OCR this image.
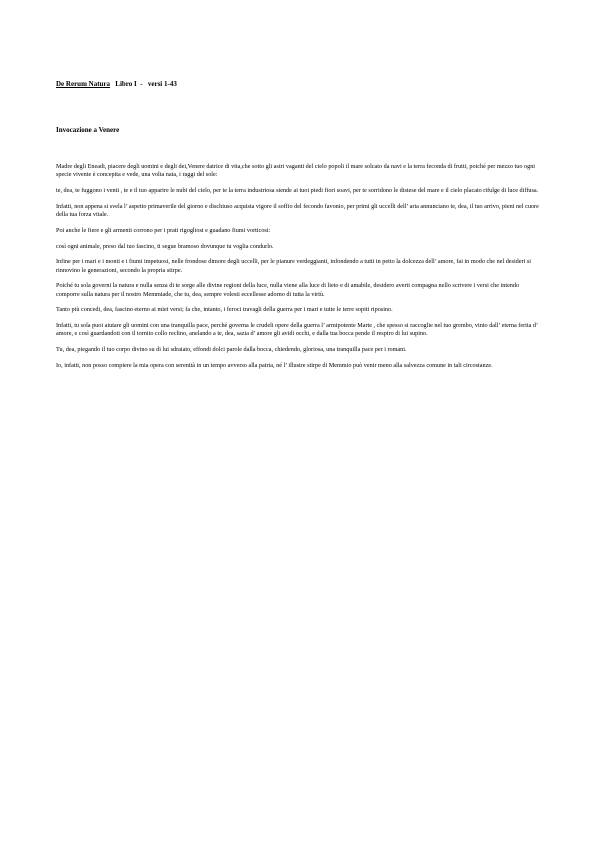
De Rerum Natura Libro I - versi 1-43
Invocazione a Venere

Madre degli Eneadi, piacere degli uomini e degli dei,Venere datrice di vita,che sotto gli astri vaganti del cielo popoli il mare solcato da navi e la terra feconda di frutti, poiché per mezzo tuo ogni specie vivente è concepita e vede, una volta nata, i raggi del sole:

te, dea, te fuggono i venti , te e il tuo apparire le nubi del cielo, per te la terra industriosa stende ai tuoi piedi fiori soavi, per te sorridono le distese del mare e il cielo placato rifulge di luce diffusa.

Infatti, non appena si svela l’ aspetto primaverile del giorno e dischiuso acquista vigore il soffio del fecondo favonio, per primi gli uccelli dell’ aria annunciano te, dea, il tuo arrivo, pieni nel cuore della tua forza vitale.

Poi anche le fiere e gli armenti corrono per i prati rigogliosi e guadano fiumi vorticosi:

così ogni animale, preso dal tuo fascino, ti segue bramoso dovunque tu voglia condurlo.

Infine per i mari e i monti e i fiumi impetuosi, nelle frondose dimore degli uccelli, per le pianure verdeggianti, infondendo a tutti in petto la dolcezza dell’ amore, fai in modo che nel desideri si rinnovino le generazioni, secondo la propria stirpe.

Poiché tu sola governi la natura e nulla senza di te sorge alle divine regioni della luce, nulla viene alla luce di lieto e di amabile, desidero averti compagna nello scrivere i versi che intendo comporre sulla natura per il nostro Memmiade, che tu, dea, sempre volesti eccellesse adorno di tutta la virtù.

Tanto più concedi, dea, fascino eterno ai miei versi; fa che, intanto, i feroci travagli della guerra per i mari e tutte le terre sopiti riposino.

Infatti, tu sola puoi aiutare gli uomini con una tranquilla pace, perché governa le crudeli opere della guerra l’ armipotente Marte , che spesso si raccoglie nel tuo grembo, vinto dall’ eterna ferita d’ amore, e così guardandoti con il tornito collo reclino, anelando a te, dea, sazia d’ amore gli avidi occhi, e dalla tua bocca pende il respiro di lui supino.

Tu, dea, piegando il tuo corpo divino su di lui sdraiato, effondi dolci parole dalla bocca, chiedendo, gloriosa, una tranquilla pace per i romani.

Io, infatti, non posso compiere la mia opera con serenità in un tempo avverso alla patria, né l’ illustre stirpe di Memmio può venir meno alla salvezza comune in tali circostanze.
